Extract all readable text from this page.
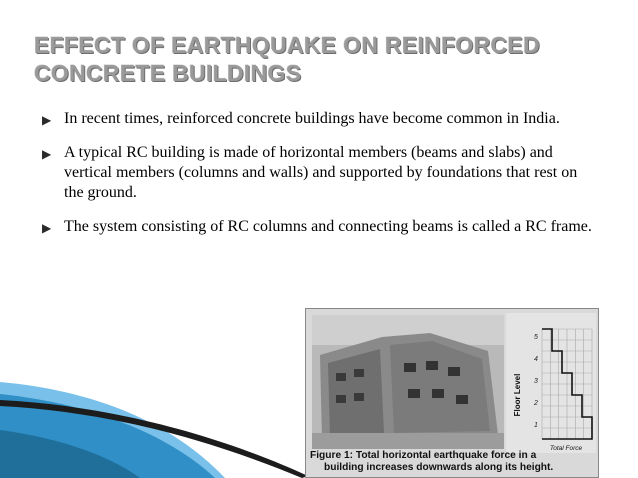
EFFECT OF EARTHQUAKE ON REINFORCED
CONCRETE BUILDINGS
▶ In recent times, reinforced concrete buildings have become common in India.
▶ A typical RC building is made of horizontal members (beams and slabs) and vertical members (columns and walls) and supported by foundations that rest on the ground.
▶ The system consisting of RC columns and connecting beams is called a RC frame.
5
4
3
2
1
Floor Level
Total Force
Figure 1: Total horizontal earthquake force in a
building increases downwards along its height.
